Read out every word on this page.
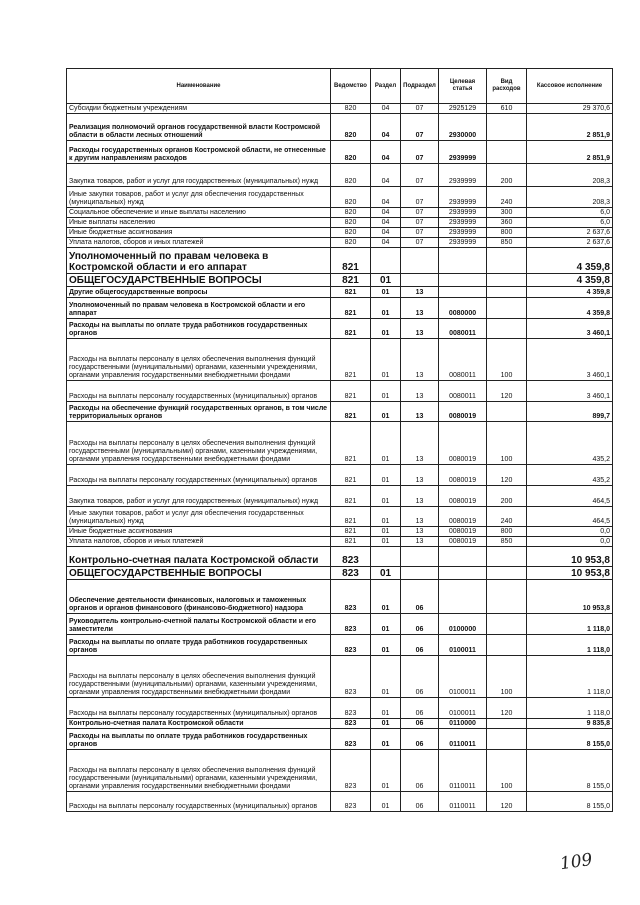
Наименование	Ведомство	Раздел	Подраздел	Целевая статья	Вид расходов	Кассовое исполнение
Субсидии бюджетным учреждениям	820	04	07	2925129	610	29 370,6
Реализация полномочий органов государственной власти Костромской области в области лесных отношений	820	04	07	2930000		2 851,9
Расходы государственных органов Костромской области, не отнесенные к другим направлениям расходов	820	04	07	2939999		2 851,9
Закупка товаров, работ и услуг для государственных (муниципальных) нужд	820	04	07	2939999	200	208,3
Иные закупки товаров, работ и услуг для обеспечения государственных (муниципальных) нужд	820	04	07	2939999	240	208,3
Социальное обеспечение и иные выплаты населению	820	04	07	2939999	300	6,0
Иные выплаты населению	820	04	07	2939999	360	6,0
Иные бюджетные ассигнования	820	04	07	2939999	800	2 637,6
Уплата налогов, сборов и иных платежей	820	04	07	2939999	850	2 637,6
Уполномоченный по правам человека в Костромской области и его аппарат	821					4 359,8
ОБЩЕГОСУДАРСТВЕННЫЕ ВОПРОСЫ	821	01				4 359,8
Другие общегосударственные вопросы	821	01	13			4 359,8
Уполномоченный по правам человека в Костромской области и его аппарат	821	01	13	0080000		4 359,8
Расходы на выплаты по оплате труда работников государственных органов	821	01	13	0080011		3 460,1
Расходы на выплаты персоналу в целях обеспечения выполнения функций государственными (муниципальными) органами, казенными учреждениями, органами управления государственными внебюджетными фондами	821	01	13	0080011	100	3 460,1
Расходы на выплаты персоналу государственных (муниципальных) органов	821	01	13	0080011	120	3 460,1
Расходы на обеспечение функций государственных органов, в том числе территориальных органов	821	01	13	0080019		899,7
Расходы на выплаты персоналу в целях обеспечения выполнения функций государственными (муниципальными) органами, казенными учреждениями, органами управления государственными внебюджетными фондами	821	01	13	0080019	100	435,2
Расходы на выплаты персоналу государственных (муниципальных) органов	821	01	13	0080019	120	435,2
Закупка товаров, работ и услуг для государственных (муниципальных) нужд	821	01	13	0080019	200	464,5
Иные закупки товаров, работ и услуг для обеспечения государственных (муниципальных) нужд	821	01	13	0080019	240	464,5
Иные бюджетные ассигнования	821	01	13	0080019	800	0,0
Уплата налогов, сборов и иных платежей	821	01	13	0080019	850	0,0
Контрольно-счетная палата Костромской области	823					10 953,8
ОБЩЕГОСУДАРСТВЕННЫЕ ВОПРОСЫ	823	01				10 953,8
Обеспечение деятельности финансовых, налоговых и таможенных органов и органов финансового (финансово-бюджетного) надзора	823	01	06			10 953,8
Руководитель контрольно-счетной палаты Костромской области и его заместители	823	01	06	0100000		1 118,0
Расходы на выплаты по оплате труда работников государственных органов	823	01	06	0100011		1 118,0
Расходы на выплаты персоналу в целях обеспечения выполнения функций государственными (муниципальными) органами, казенными учреждениями, органами управления государственными внебюджетными фондами	823	01	06	0100011	100	1 118,0
Расходы на выплаты персоналу государственных (муниципальных) органов	823	01	06	0100011	120	1 118,0
Контрольно-счетная палата Костромской области	823	01	06	0110000		9 835,8
Расходы на выплаты по оплате труда работников государственных органов	823	01	06	0110011		8 155,0
Расходы на выплаты персоналу в целях обеспечения выполнения функций государственными (муниципальными) органами, казенными учреждениями, органами управления государственными внебюджетными фондами	823	01	06	0110011	100	8 155,0
Расходы на выплаты персоналу государственных (муниципальных) органов	823	01	06	0110011	120	8 155,0
109
